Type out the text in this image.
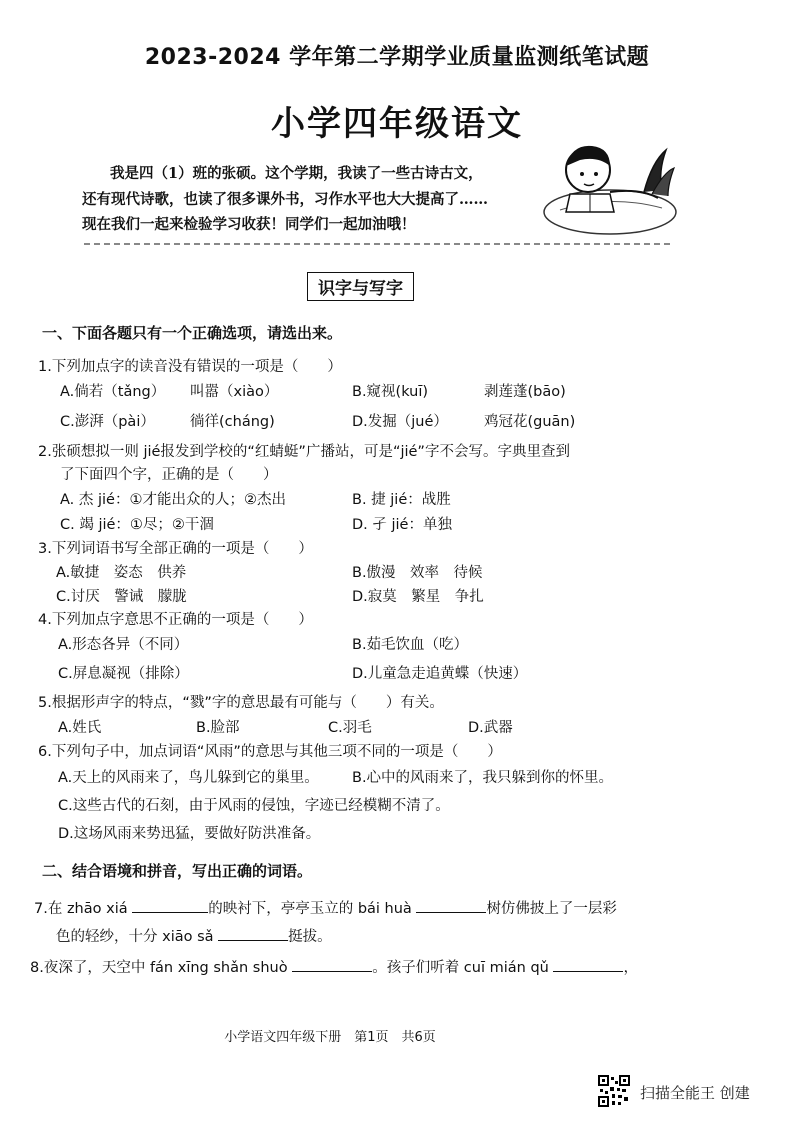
2023-2024 学年第二学期学业质量监测纸笔试题
小学四年级语文
我是四（1）班的张硕。这个学期，我读了一些古诗古文，
还有现代诗歌，也读了很多课外书，习作水平也大大提高了……
现在我们一起来检验学习收获！同学们一起加油哦！
识字与写字
一、下面各题只有一个正确选项，请选出来。
1.下列加点字的读音没有错误的一项是（　　）
A.倘若（tǎng） 叫嚣（xiào）	B.窥视(kuī)	剥莲蓬(bāo)
C.澎湃（pài） 徜徉(cháng)	D.发掘（jué） 鸡冠花(guān)
2.张硕想拟一则 jié报发到学校的“红蜻蜓”广播站，可是“jié”字不会写。字典里查到
了下面四个字，正确的是（　　）
A. 杰 jié：①才能出众的人；②杰出	B. 捷 jié：战胜
C. 竭 jié：①尽；②干涸	D. 孑 jié：单独
3.下列词语书写全部正确的一项是（　　）
A.敏捷　姿态　供养	B.傲漫　效率　待候
C.讨厌　警诫　朦胧	D.寂莫　繁星　争扎
4.下列加点字意思不正确的一项是（　　）
A.形态各异（不同）	B.茹毛饮血（吃）
C.屏息凝视（排除）	D.儿童急走追黄蝶（快速）
5.根据形声字的特点，“戮”字的意思最有可能与（　　）有关。
A.姓氏	B.脸部	C.羽毛	D.武器
6.下列句子中，加点词语“风雨”的意思与其他三项不同的一项是（　　）
A.天上的风雨来了，鸟儿躲到它的巢里。 B.心中的风雨来了，我只躲到你的怀里。
C.这些古代的石刻，由于风雨的侵蚀，字迹已经模糊不清了。
D.这场风雨来势迅猛，要做好防洪准备。
二、结合语境和拼音，写出正确的词语。
7.在 zhāo xiá	的映衬下，亭亭玉立的 bái huà	树仿佛披上了一层彩
色的轻纱，十分 xiāo sǎ	挺拔。
8.夜深了，天空中 fán xīng shǎn shuò	。孩子们听着 cuī mián qǔ	，
小学语文四年级下册　第1页　共6页
扫描全能王 创建
